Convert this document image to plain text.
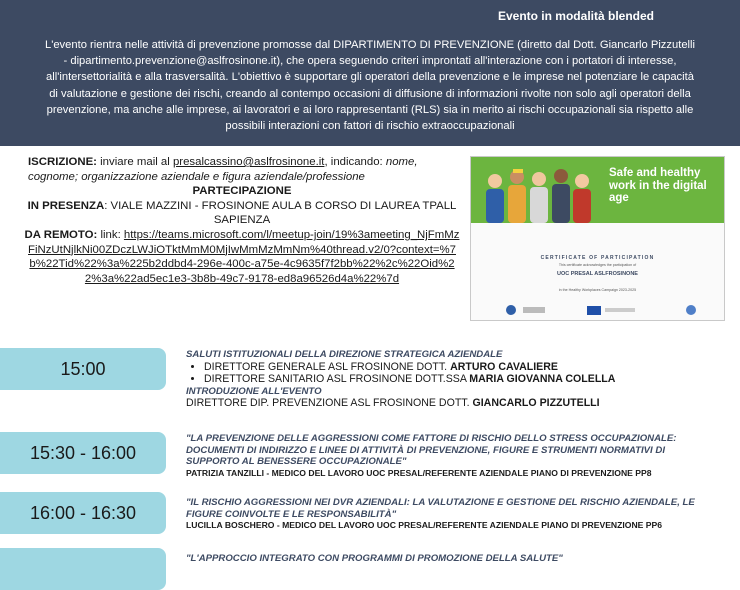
Evento in modalità blended
L'evento rientra nelle attività di prevenzione promosse dal DIPARTIMENTO DI PREVENZIONE (diretto dal Dott. Giancarlo Pizzutelli - dipartimento.prevenzione@aslfrosinone.it), che opera seguendo criteri improntati all'interazione con i portatori di interesse, all'intersettorialità e alla trasversalità. L'obiettivo è supportare gli operatori della prevenzione e le imprese nel potenziare le capacità di valutazione e gestione dei rischi, creando al contempo occasioni di diffusione di informazioni rivolte non solo agli operatori della prevenzione, ma anche alle imprese, ai lavoratori e ai loro rappresentanti (RLS) sia in merito ai rischi occupazionali sia rispetto alle possibili interazioni con fattori di rischio extraoccupazionali
ISCRIZIONE: inviare mail al presalcassino@aslfrosinone.it, indicando: nome, cognome; organizzazione aziendale e figura aziendale/professione
PARTECIPAZIONE
IN PRESENZA: VIALE MAZZINI - FROSINONE AULA B CORSO DI LAUREA TPALL SAPIENZA
DA REMOTO: link: https://teams.microsoft.com/l/meetup-join/19%3ameeting_NjFmMzFiNzUtNjlkNi00ZDczLWJiOTktMmM0MjIwMmMzMmNm%40thread.v2/0?context=%7b%22Tid%22%3a%225b2ddbd4-296e-400c-a75e-4c9635f7f2bb%22%2c%22Oid%22%3a%22ad5ec1e3-3b8b-49c7-9178-ed8a96526d4a%22%7d
Safe and healthy work in the digital age
CERTIFICATE OF PARTICIPATION
This certificate acknowledges the participation of
UOC PRESAL ASLFROSINONE
in the Healthy Workplaces Campaign 2023-2025
15:00
SALUTI ISTITUZIONALI DELLA DIREZIONE STRATEGICA AZIENDALE
• DIRETTORE GENERALE ASL FROSINONE DOTT. ARTURO CAVALIERE
• DIRETTORE SANITARIO ASL FROSINONE DOTT.SSA MARIA GIOVANNA COLELLA
INTRODUZIONE ALL'EVENTO
DIRETTORE DIP. PREVENZIONE ASL FROSINONE DOTT. GIANCARLO PIZZUTELLI
15:30 - 16:00
"LA PREVENZIONE DELLE AGGRESSIONI COME FATTORE DI RISCHIO DELLO STRESS OCCUPAZIONALE: DOCUMENTI DI INDIRIZZO E LINEE DI ATTIVITÀ DI PREVENZIONE, FIGURE E STRUMENTI NORMATIVI DI SUPPORTO AL BENESSERE OCCUPAZIONALE"
PATRIZIA TANZILLI - MEDICO DEL LAVORO UOC PRESAL/REFERENTE AZIENDALE PIANO DI PREVENZIONE PP8
16:00 - 16:30	"IL RISCHIO AGGRESSIONI NEI DVR AZIENDALI: LA VALUTAZIONE E GESTIONE DEL RISCHIO AZIENDALE, LE FIGURE COINVOLTE E LE RESPONSABILITÀ"
LUCILLA BOSCHERO - MEDICO DEL LAVORO UOC PRESAL/REFERENTE AZIENDALE PIANO DI PREVENZIONE PP6
"L'APPROCCIO INTEGRATO CON PROGRAMMI DI PROMOZIONE DELLA SALUTE"
